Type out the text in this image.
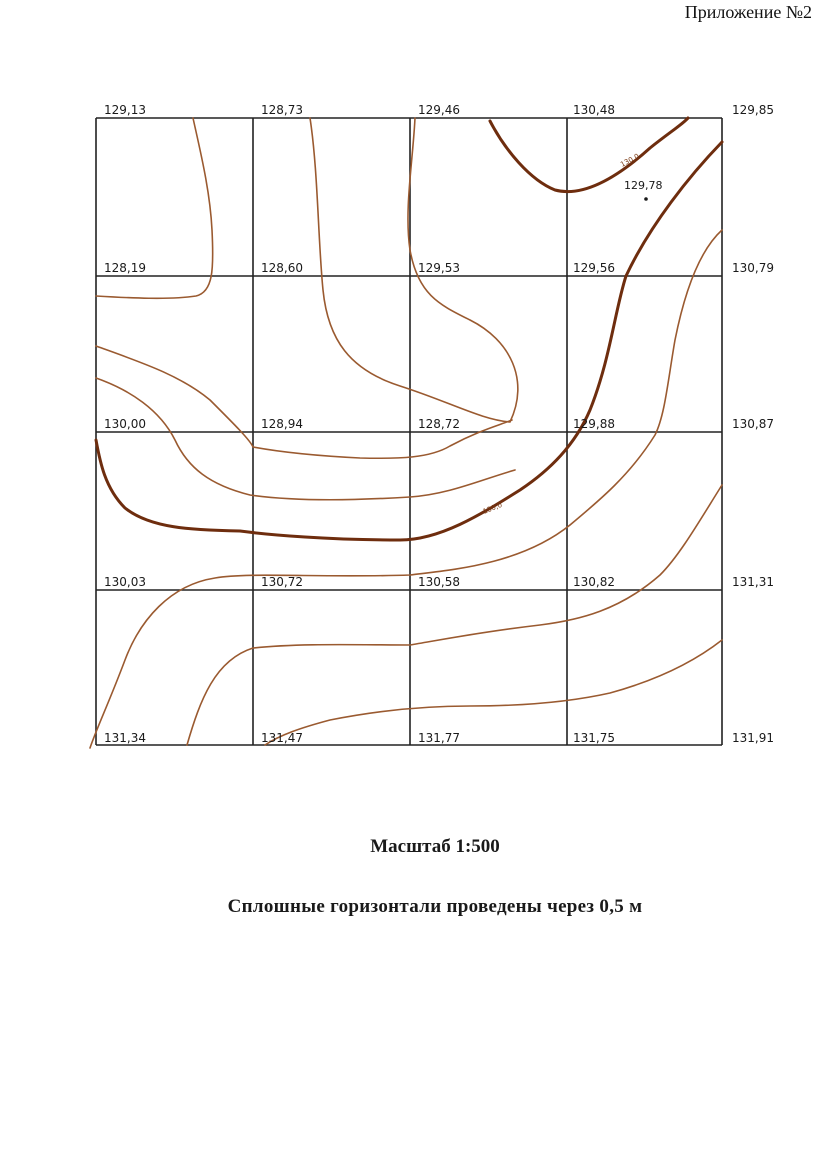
Приложение №2
130,0
130,0
129,13	128,73	129,46	130,48	129,85
128,19	128,60	129,53	129,56	130,79
130,00	128,94	128,72	129,88	130,87
130,03	130,72	130,58	130,82	131,31
131,34	131,47	131,77	131,75	131,91
129,78
Масштаб 1:500
Сплошные горизонтали проведены через 0,5 м
